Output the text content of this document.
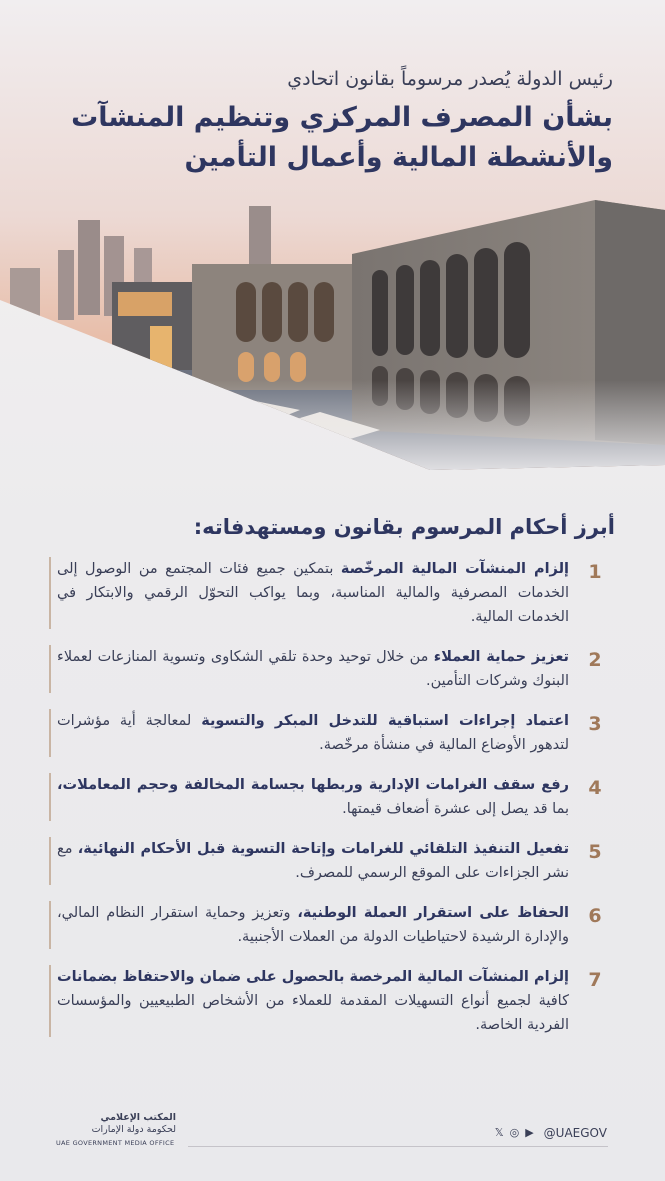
رئيس الدولة يُصدر مرسوماً بقانون اتحادي
بشأن المصرف المركزي وتنظيم المنشآت
والأنشطة المالية وأعمال التأمين
أبرز أحكام المرسوم بقانون ومستهدفاته:
1
إلزام المنشآت المالية المرخّصة بتمكين جميع فئات المجتمع من الوصول إلى الخدمات المصرفية والمالية المناسبة، وبما يواكب التحوّل الرقمي والابتكار في الخدمات المالية.
2
تعزيز حماية العملاء من خلال توحيد وحدة تلقي الشكاوى وتسوية المنازعات لعملاء البنوك وشركات التأمين.
3
اعتماد إجراءات استباقية للتدخل المبكر والتسوية لمعالجة أية مؤشرات لتدهور الأوضاع المالية في منشأة مرخّصة.
4
رفع سقف الغرامات الإدارية وربطها بجسامة المخالفة وحجم المعاملات، بما قد يصل إلى عشرة أضعاف قيمتها.
5
تفعيل التنفيذ التلقائي للغرامات وإتاحة التسوية قبل الأحكام النهائية، مع نشر الجزاءات على الموقع الرسمي للمصرف.
6
الحفاظ على استقرار العملة الوطنية، وتعزيز وحماية استقرار النظام المالي، والإدارة الرشيدة لاحتياطيات الدولة من العملات الأجنبية.
7
إلزام المنشآت المالية المرخصة بالحصول على ضمان والاحتفاظ بضمانات كافية لجميع أنواع التسهيلات المقدمة للعملاء من الأشخاص الطبيعيين والمؤسسات الفردية الخاصة.
المكتب الإعلامي
لحكومة دولة الإمارات
UAE GOVERNMENT MEDIA OFFICE
𝕏 ◎ ▶ @UAEGOV
